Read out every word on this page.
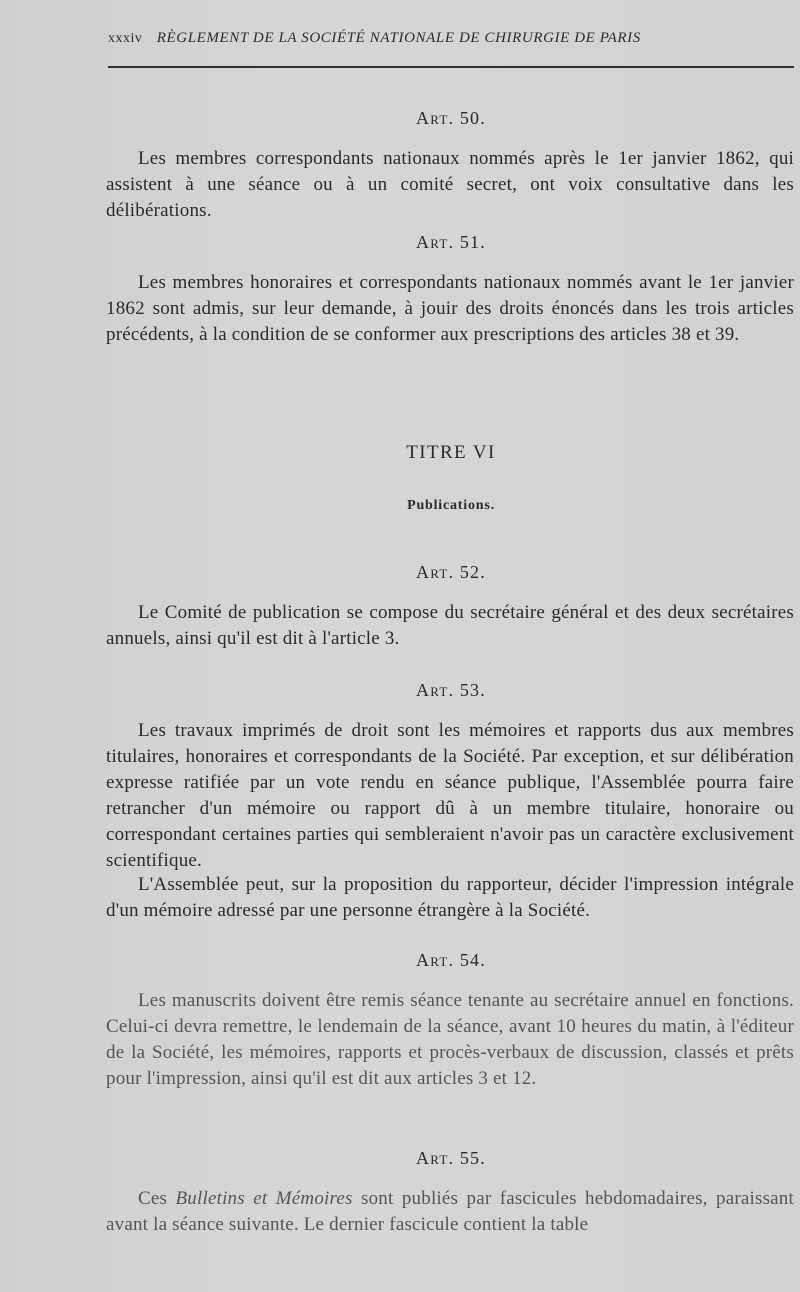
xxxiv RÈGLEMENT DE LA SOCIÉTÉ NATIONALE DE CHIRURGIE DE PARIS
Art. 50.

Les membres correspondants nationaux nommés après le 1er janvier 1862, qui assistent à une séance ou à un comité secret, ont voix consultative dans les délibérations.

Art. 51.

Les membres honoraires et correspondants nationaux nommés avant le 1er janvier 1862 sont admis, sur leur demande, à jouir des droits énoncés dans les trois articles précédents, à la condition de se conformer aux prescriptions des articles 38 et 39.

TITRE VI
Publications.
Art. 52.

Le Comité de publication se compose du secrétaire général et des deux secrétaires annuels, ainsi qu'il est dit à l'article 3.

Art. 53.

Les travaux imprimés de droit sont les mémoires et rapports dus aux membres titulaires, honoraires et correspondants de la Société. Par exception, et sur délibération expresse ratifiée par un vote rendu en séance publique, l'Assemblée pourra faire retrancher d'un mémoire ou rapport dû à un membre titulaire, honoraire ou correspondant certaines parties qui sembleraient n'avoir pas un caractère exclusivement scientifique.

L'Assemblée peut, sur la proposition du rapporteur, décider l'impression intégrale d'un mémoire adressé par une personne étrangère à la Société.

Art. 54.

Les manuscrits doivent être remis séance tenante au secrétaire annuel en fonctions. Celui-ci devra remettre, le lendemain de la séance, avant 10 heures du matin, à l'éditeur de la Société, les mémoires, rapports et procès-verbaux de discussion, classés et prêts pour l'impression, ainsi qu'il est dit aux articles 3 et 12.

Art. 55.

Ces Bulletins et Mémoires sont publiés par fascicules hebdomadaires, paraissant avant la séance suivante. Le dernier fascicule contient la table
